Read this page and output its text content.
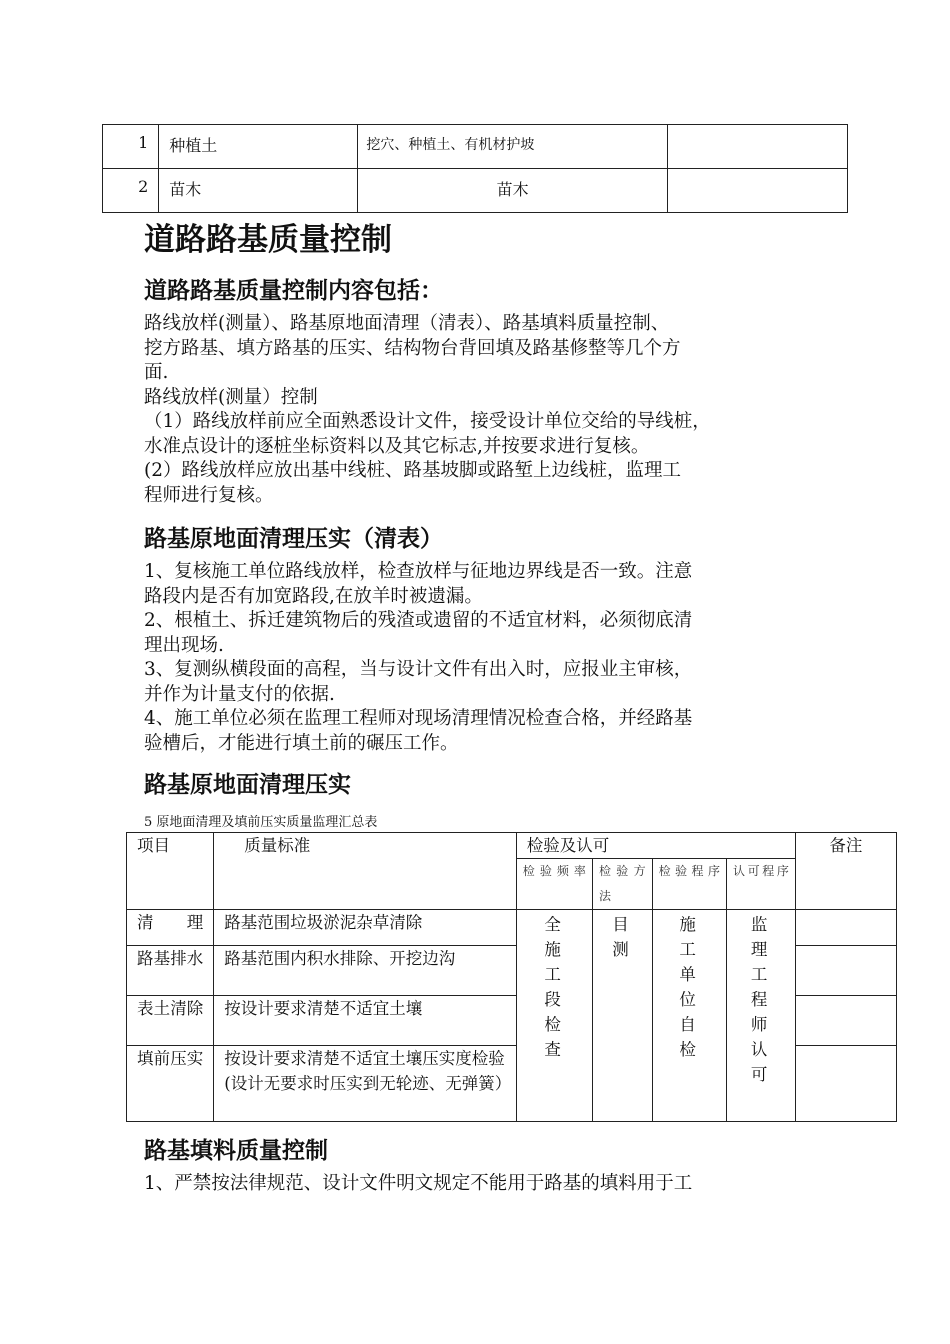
1	种植土	挖穴、种植土、有机材护坡	
2	苗木	苗木	
道路路基质量控制
道路路基质量控制内容包括：

路线放样(测量）、路基原地面清理（清表）、路基填料质量控制、

挖方路基、填方路基的压实、结构物台背回填及路基修整等几个方

面.

路线放样(测量）控制

（1）路线放样前应全面熟悉设计文件，接受设计单位交给的导线桩，

水准点设计的逐桩坐标资料以及其它标志,并按要求进行复核。

(2）路线放样应放出基中线桩、路基坡脚或路堑上边线桩，监理工

程师进行复核。

路基原地面清理压实（清表）

1、复核施工单位路线放样，检查放样与征地边界线是否一致。注意

路段内是否有加宽路段,在放羊时被遗漏。

2、根植土、拆迁建筑物后的残渣或遗留的不适宜材料，必须彻底清

理出现场.

3、复测纵横段面的高程，当与设计文件有出入时，应报业主审核，

并作为计量支付的依据.

4、施工单位必须在监理工程师对现场清理情况检查合格，并经路基

验槽后，才能进行填土前的碾压工作。

路基原地面清理压实

5 原地面清理及填前压实质量监理汇总表

项目	质量标准	检验及认可				备注
		检验频率	检验方法	检验程序	认可程序	
清理	路基范围垃圾淤泥杂草清除	全施工段检查	目测	施工单位自检	监理工程师认可	

路基排水	路基范围内积水排除、开挖边沟					
表土清除	按设计要求清楚不适宜土壤					
填前压实	按设计要求清楚不适宜土壤压实度检验(设计无要求时压实到无轮迹、无弹簧）					
路基填料质量控制

1、严禁按法律规范、设计文件明文规定不能用于路基的填料用于工
